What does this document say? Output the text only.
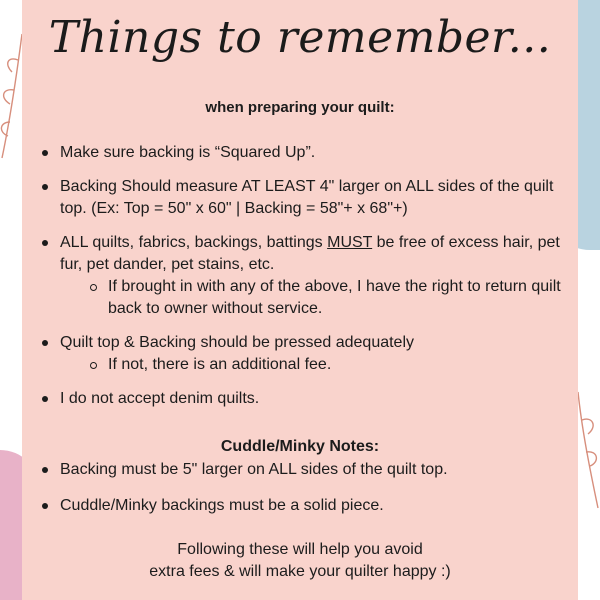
Things to remember...
when preparing your quilt:
Make sure backing is “Squared Up”.
Backing Should measure AT LEAST 4" larger on ALL sides of the quilt top. (Ex: Top = 50" x 60" | Backing = 58"+ x 68"+)
ALL quilts, fabrics, backings, battings MUST be free of excess hair, pet fur, pet dander, pet stains, etc.
If brought in with any of the above, I have the right to return quilt back to owner without service.
Quilt top & Backing should be pressed adequately
If not, there is an additional fee.
I do not accept denim quilts.
Cuddle/Minky Notes:
Backing must be 5" larger on ALL sides of the quilt top.
Cuddle/Minky backings must be a solid piece.
Following these will help you avoid
extra fees & will make your quilter happy :)
